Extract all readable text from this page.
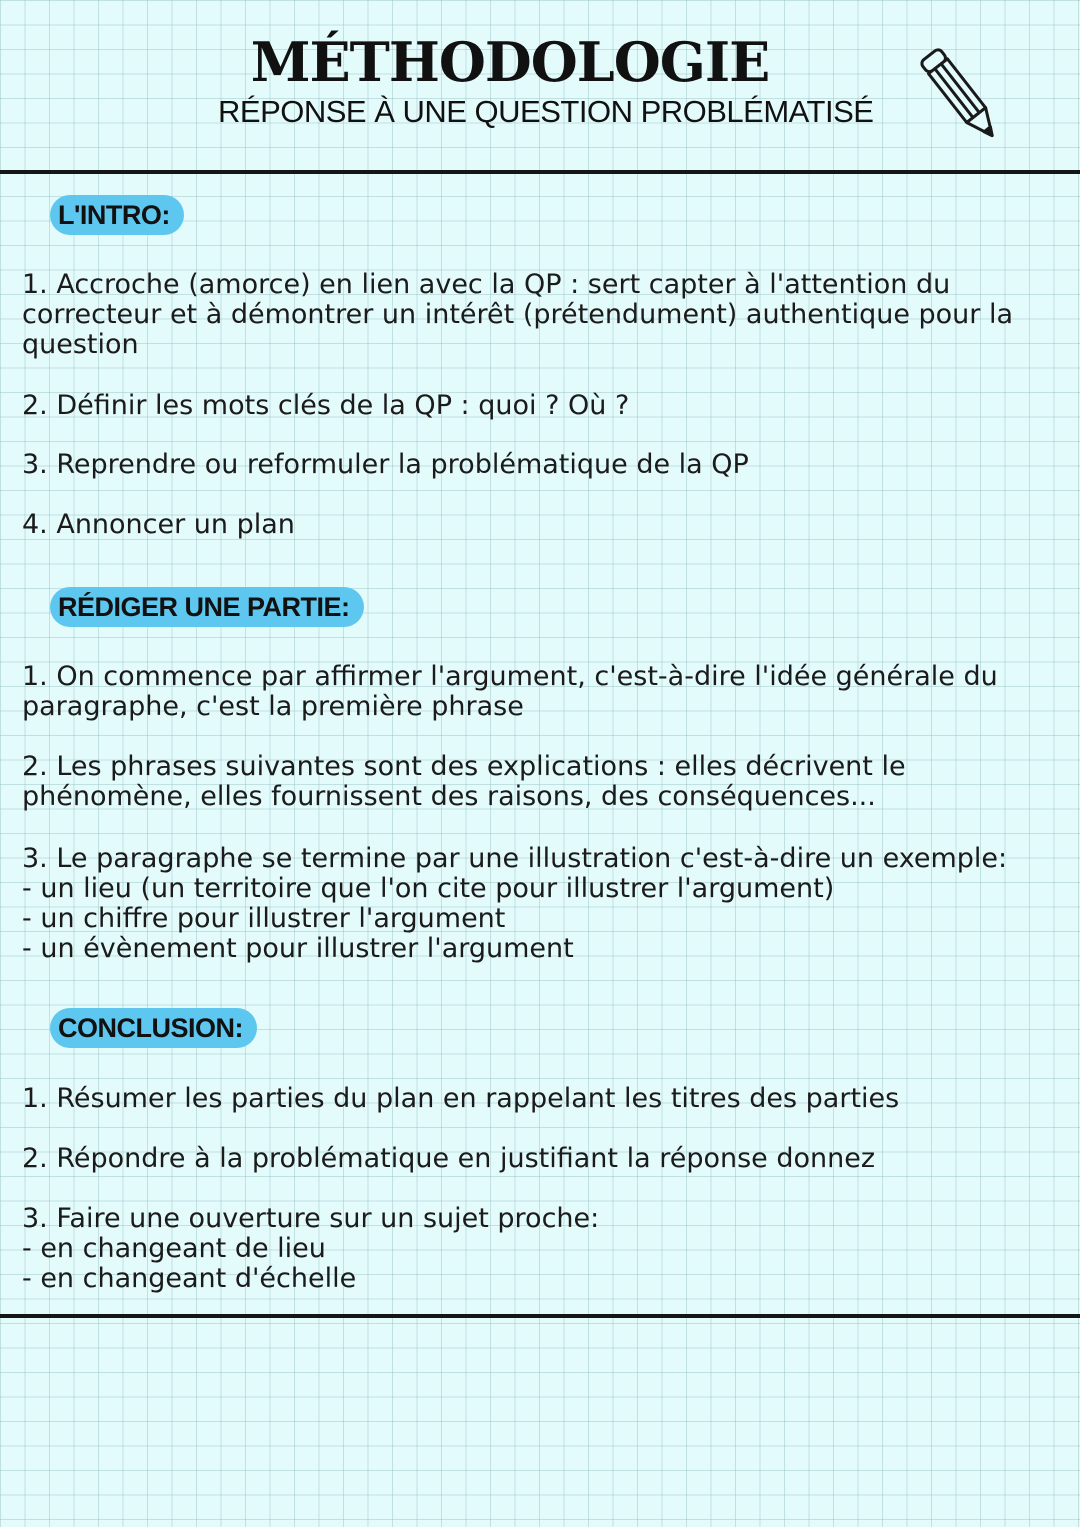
MÉTHODOLOGIE
RÉPONSE À UNE QUESTION PROBLÉMATISÉ
L'INTRO:

1. Accroche (amorce) en lien avec la QP : sert capter à l'attention du correcteur et à démontrer un intérêt (prétendument) authentique pour la question

2. Définir les mots clés de la QP : quoi ? Où ?

3. Reprendre ou reformuler la problématique de la QP

4. Annoncer un plan

RÉDIGER UNE PARTIE:

1. On commence par affirmer l'argument, c'est-à-dire l'idée générale du paragraphe, c'est la première phrase

2. Les phrases suivantes sont des explications : elles décrivent le phénomène, elles fournissent des raisons, des conséquences...

3. Le paragraphe se termine par une illustration c'est-à-dire un exemple:

- un lieu (un territoire que l'on cite pour illustrer l'argument)
- un chiffre pour illustrer l'argument
- un évènement pour illustrer l'argument
CONCLUSION:

1. Résumer les parties du plan en rappelant les titres des parties

2. Répondre à la problématique en justifiant la réponse donnez

3. Faire une ouverture sur un sujet proche:

- en changeant de lieu
- en changeant d'échelle
